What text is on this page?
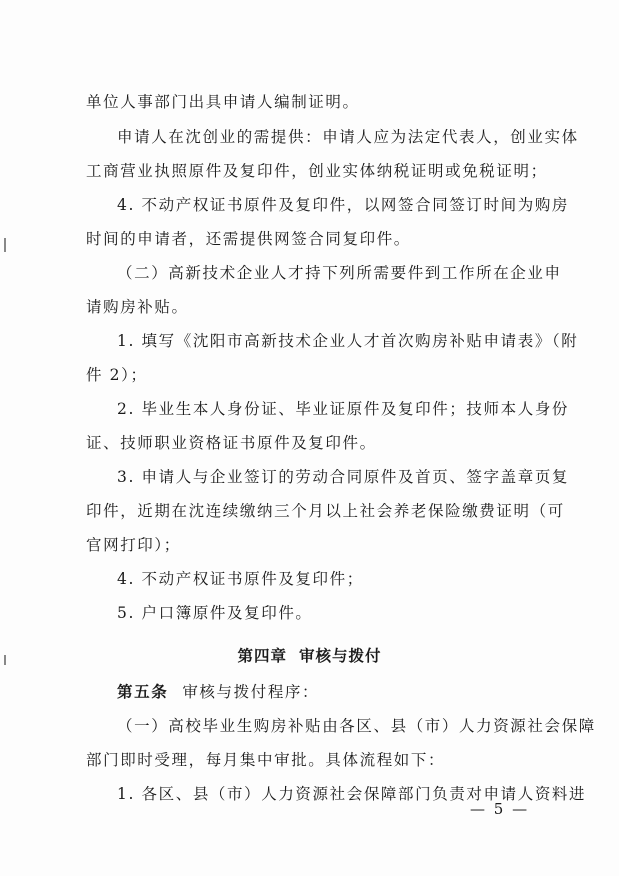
单位人事部门出具申请人编制证明。
申请人在沈创业的需提供：申请人应为法定代表人，创业实体
工商营业执照原件及复印件，创业实体纳税证明或免税证明；
4. 不动产权证书原件及复印件，以网签合同签订时间为购房
时间的申请者，还需提供网签合同复印件。
（二）高新技术企业人才持下列所需要件到工作所在企业申
请购房补贴。
1. 填写《沈阳市高新技术企业人才首次购房补贴申请表》（附
件 2）；
2. 毕业生本人身份证、毕业证原件及复印件；技师本人身份
证、技师职业资格证书原件及复印件。
3. 申请人与企业签订的劳动合同原件及首页、签字盖章页复
印件，近期在沈连续缴纳三个月以上社会养老保险缴费证明（可
官网打印）；
4. 不动产权证书原件及复印件；
5. 户口簿原件及复印件。
第四章 审核与拨付
第五条 审核与拨付程序：
（一）高校毕业生购房补贴由各区、县（市）人力资源社会保障
部门即时受理，每月集中审批。具体流程如下：
1. 各区、县（市）人力资源社会保障部门负责对申请人资料进
— 5 —
